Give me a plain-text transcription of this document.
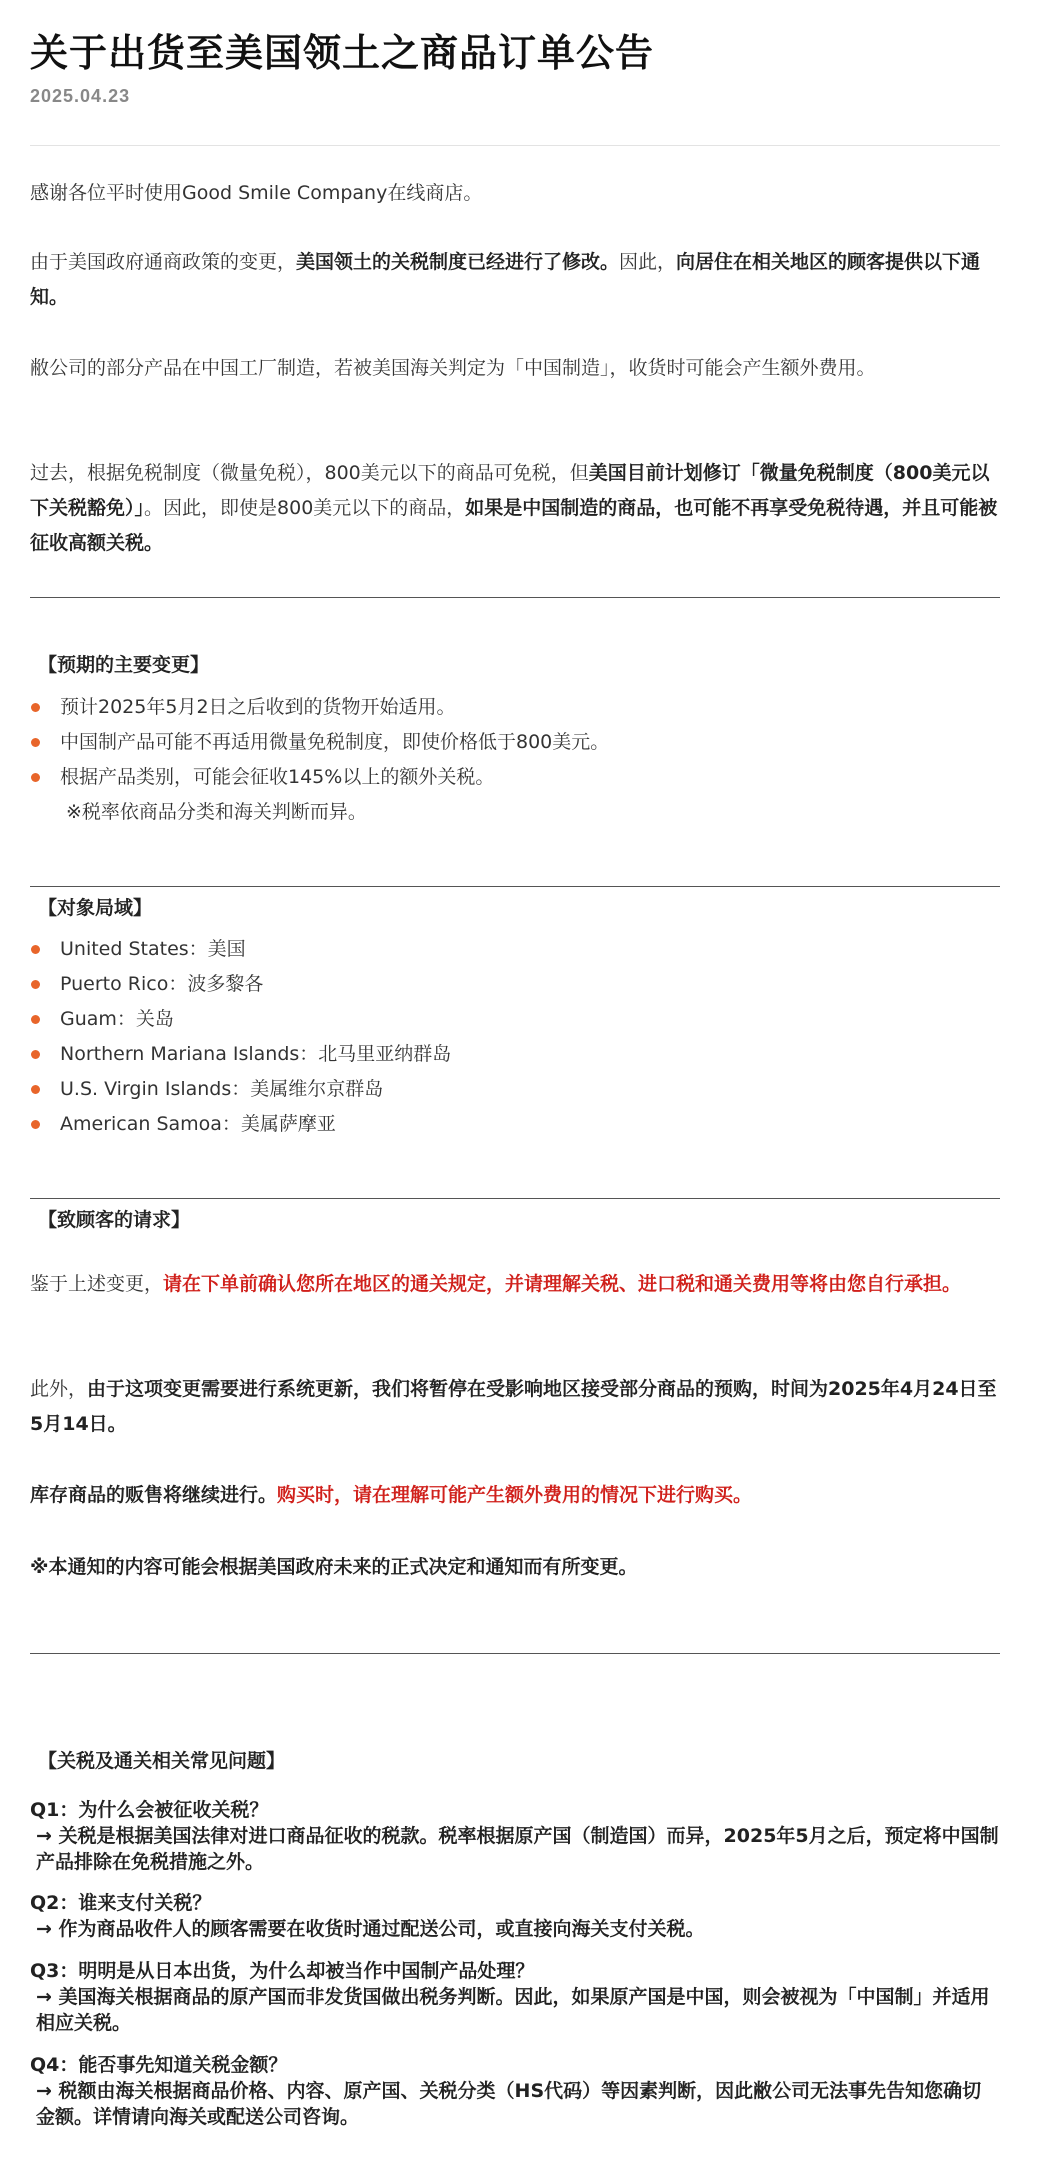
关于出货至美国领土之商品订单公告
2025.04.23
感谢各位平时使用Good Smile Company在线商店。
由于美国政府通商政策的变更，美国领土的关税制度已经进行了修改。因此，向居住在相关地区的顾客提供以下通知。
敝公司的部分产品在中国工厂制造，若被美国海关判定为「中国制造」，收货时可能会产生额外费用。
过去，根据免税制度（微量免税），800美元以下的商品可免税，但美国目前计划修订「微量免税制度（800美元以下关税豁免）」。因此，即使是800美元以下的商品，如果是中国制造的商品，也可能不再享受免税待遇，并且可能被征收高额关税。
【预期的主要变更】
预计2025年5月2日之后收到的货物开始适用。
中国制产品可能不再适用微量免税制度，即使价格低于800美元。
根据产品类别，可能会征收145%以上的额外关税。
※税率依商品分类和海关判断而异。
【对象局域】
United States：美国
Puerto Rico：波多黎各
Guam：关岛
Northern Mariana Islands：北马里亚纳群岛
U.S. Virgin Islands：美属维尔京群岛
American Samoa：美属萨摩亚
【致顾客的请求】
鉴于上述变更，请在下单前确认您所在地区的通关规定，并请理解关税、进口税和通关费用等将由您自行承担。
此外，由于这项变更需要进行系统更新，我们将暂停在受影响地区接受部分商品的预购，时间为2025年4月24日至5月14日。
库存商品的贩售将继续进行。购买时，请在理解可能产生额外费用的情况下进行购买。
※本通知的内容可能会根据美国政府未来的正式决定和通知而有所变更。
【关税及通关相关常见问题】
Q1：为什么会被征收关税？
→ 关税是根据美国法律对进口商品征收的税款。税率根据原产国（制造国）而异，2025年5月之后，预定将中国制产品排除在免税措施之外。
Q2：谁来支付关税？
→ 作为商品收件人的顾客需要在收货时通过配送公司，或直接向海关支付关税。
Q3：明明是从日本出货，为什么却被当作中国制产品处理？
→ 美国海关根据商品的原产国而非发货国做出税务判断。因此，如果原产国是中国，则会被视为「中国制」并适用相应关税。
Q4：能否事先知道关税金额？
→ 税额由海关根据商品价格、内容、原产国、关税分类（HS代码）等因素判断，因此敝公司无法事先告知您确切金额。详情请向海关或配送公司咨询。
